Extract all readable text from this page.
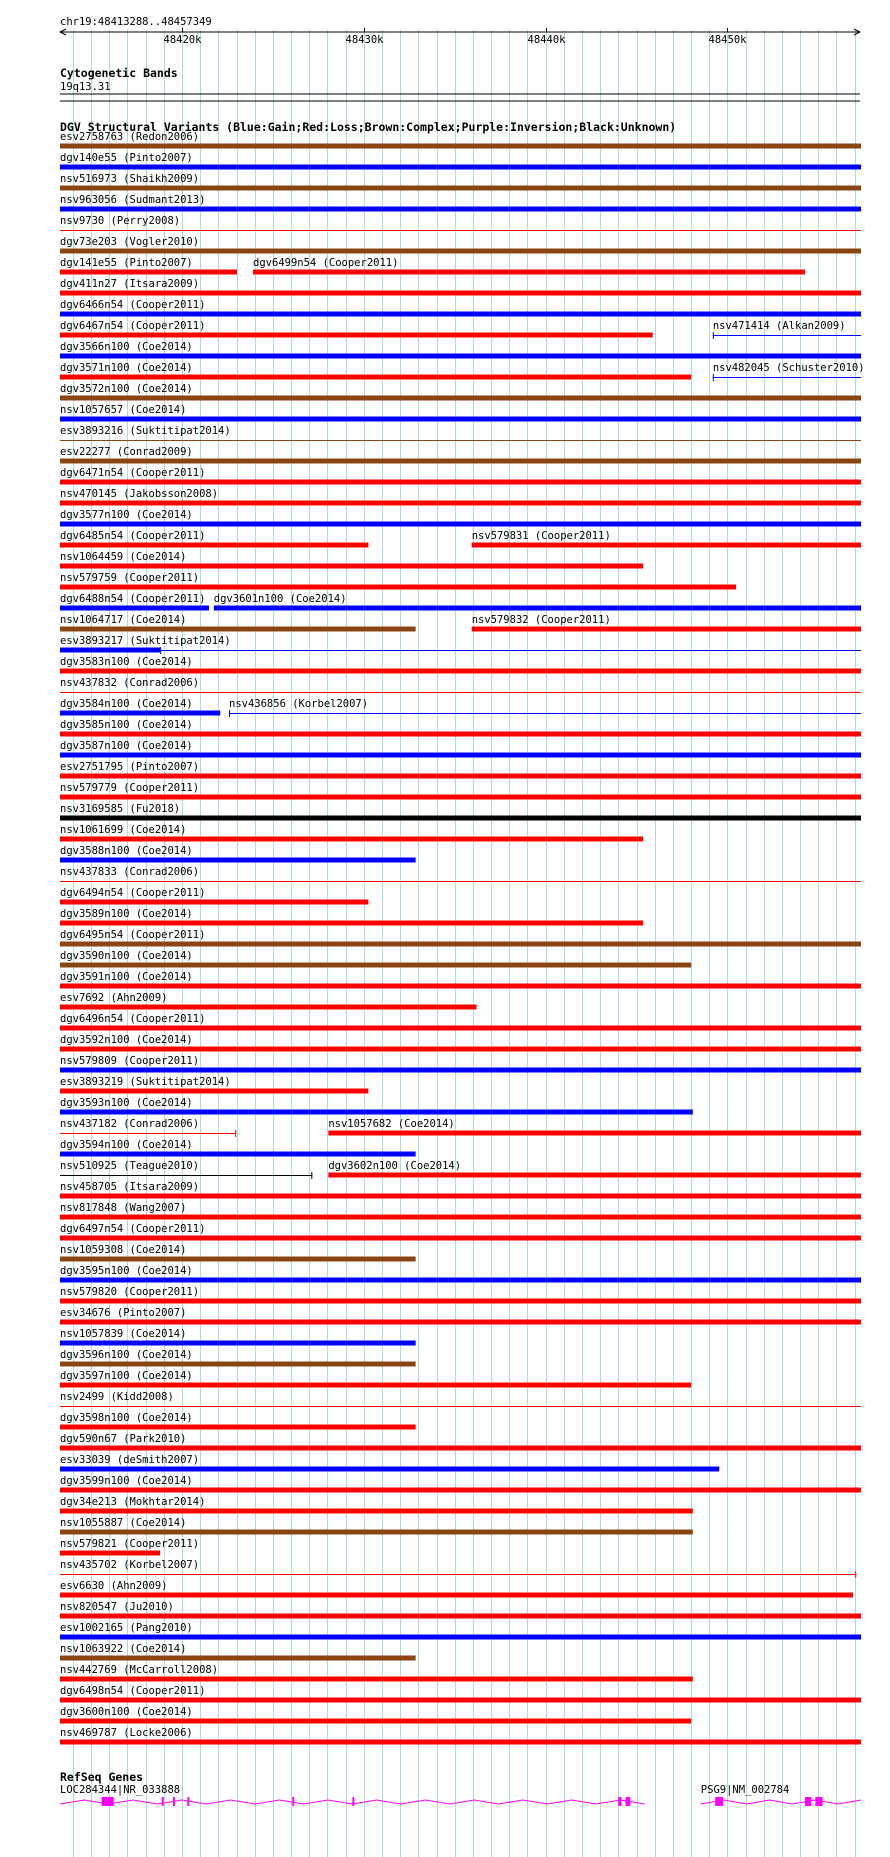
chr19:48413288..48457349
48420k	48430k	48440k	48450k
Cytogenetic Bands
19q13.31
DGV Structural Variants (Blue:Gain;Red:Loss;Brown:Complex;Purple:Inversion;Black:Unknown)
esv2758763 (Redon2006)
dgv140e55 (Pinto2007)
nsv516973 (Shaikh2009)
nsv963056 (Sudmant2013)
nsv9730 (Perry2008)
dgv73e203 (Vogler2010)
dgv141e55 (Pinto2007)	dgv6499n54 (Cooper2011)
dgv411n27 (Itsara2009)
dgv6466n54 (Cooper2011)
dgv6467n54 (Cooper2011)	nsv471414 (Alkan2009)
dgv3566n100 (Coe2014)
dgv3571n100 (Coe2014)	nsv482045 (Schuster2010)
dgv3572n100 (Coe2014)
nsv1057657 (Coe2014)
esv3893216 (Suktitipat2014)
esv22277 (Conrad2009)
dgv6471n54 (Cooper2011)
nsv470145 (Jakobsson2008)
dgv3577n100 (Coe2014)
dgv6485n54 (Cooper2011)	nsv579831 (Cooper2011)
nsv1064459 (Coe2014)
nsv579759 (Cooper2011)
dgv6488n54 (Cooper2011) dgv3601n100 (Coe2014)
nsv1064717 (Coe2014)	nsv579832 (Cooper2011)
esv3893217 (Suktitipat2014)
dgv3583n100 (Coe2014)
nsv437832 (Conrad2006)
dgv3584n100 (Coe2014)	nsv436856 (Korbel2007)
dgv3585n100 (Coe2014)
dgv3587n100 (Coe2014)
esv2751795 (Pinto2007)
nsv579779 (Cooper2011)
nsv3169585 (Fu2018)
nsv1061699 (Coe2014)
dgv3588n100 (Coe2014)
nsv437833 (Conrad2006)
dgv6494n54 (Cooper2011)
dgv3589n100 (Coe2014)
dgv6495n54 (Cooper2011)
dgv3590n100 (Coe2014)
dgv3591n100 (Coe2014)
esv7692 (Ahn2009)
dgv6496n54 (Cooper2011)
dgv3592n100 (Coe2014)
nsv579809 (Cooper2011)
esv3893219 (Suktitipat2014)
dgv3593n100 (Coe2014)
nsv437182 (Conrad2006)	nsv1057682 (Coe2014)
dgv3594n100 (Coe2014)
nsv510925 (Teague2010)	dgv3602n100 (Coe2014)
nsv458705 (Itsara2009)
nsv817848 (Wang2007)
dgv6497n54 (Cooper2011)
nsv1059308 (Coe2014)
dgv3595n100 (Coe2014)
nsv579820 (Cooper2011)
esv34676 (Pinto2007)
nsv1057839 (Coe2014)
dgv3596n100 (Coe2014)
dgv3597n100 (Coe2014)
nsv2499 (Kidd2008)
dgv3598n100 (Coe2014)
dgv590n67 (Park2010)
esv33039 (deSmith2007)
dgv3599n100 (Coe2014)
dgv34e213 (Mokhtar2014)
nsv1055887 (Coe2014)
nsv579821 (Cooper2011)
nsv435702 (Korbel2007)
esv6630 (Ahn2009)
nsv820547 (Ju2010)
esv1002165 (Pang2010)
nsv1063922 (Coe2014)
nsv442769 (McCarroll2008)
dgv6498n54 (Cooper2011)
dgv3600n100 (Coe2014)
nsv469787 (Locke2006)
RefSeq Genes
LOC284344|NR_033888	PSG9|NM_002784
